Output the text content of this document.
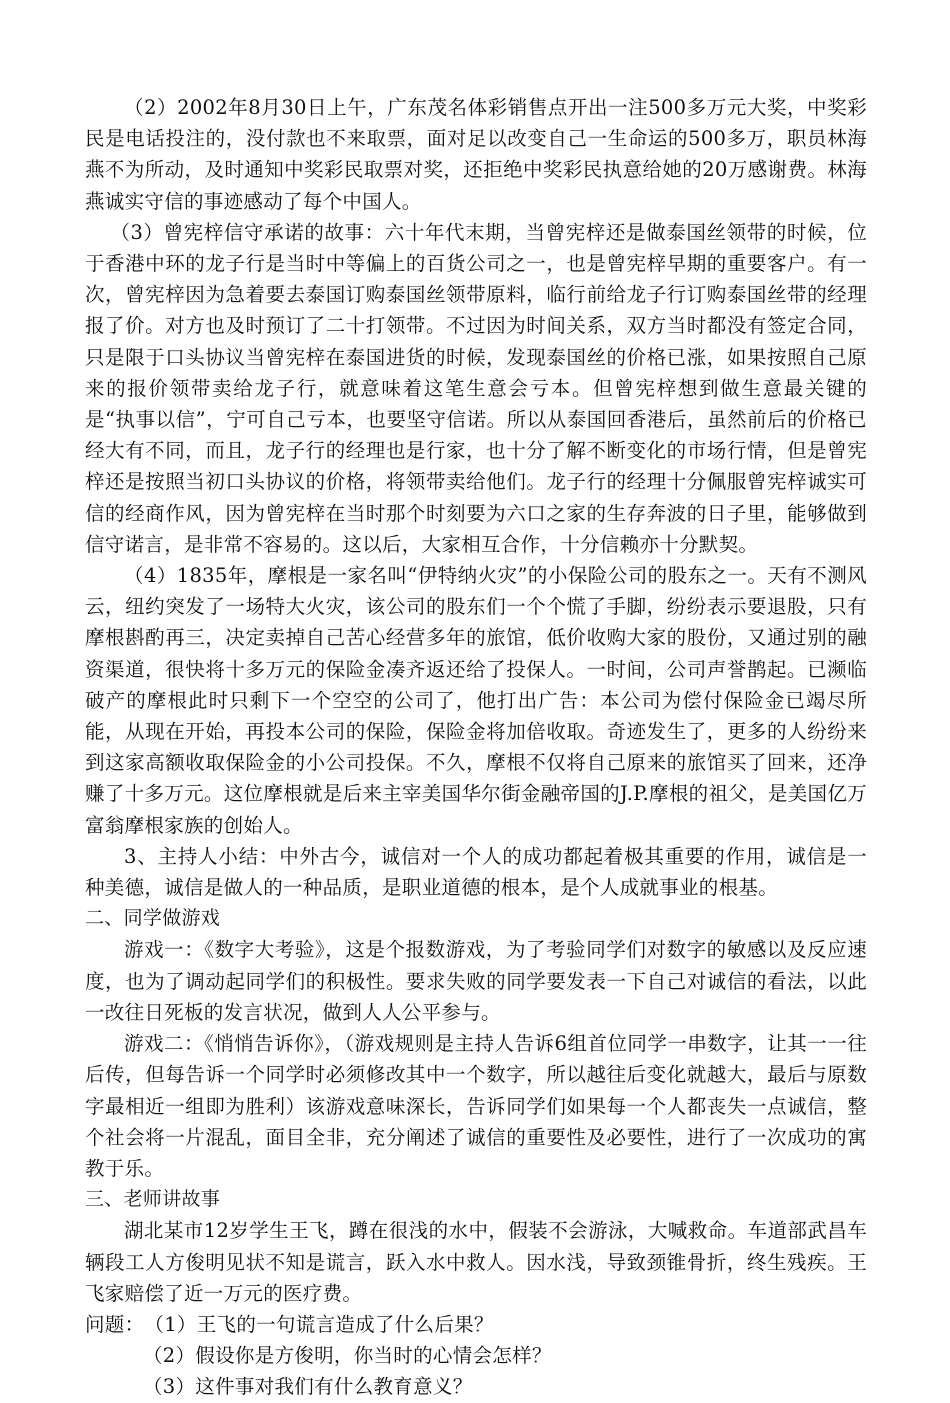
（2）2002年8月30日上午，广东茂名体彩销售点开出一注500多万元大奖，中奖彩民是电话投注的，没付款也不来取票，面对足以改变自己一生命运的500多万，职员林海燕不为所动，及时通知中奖彩民取票对奖，还拒绝中奖彩民执意给她的20万感谢费。林海燕诚实守信的事迹感动了每个中国人。

（3）曾宪梓信守承诺的故事：六十年代末期，当曾宪梓还是做泰国丝领带的时候，位于香港中环的龙子行是当时中等偏上的百货公司之一，也是曾宪梓早期的重要客户。有一次，曾宪梓因为急着要去泰国订购泰国丝领带原料，临行前给龙子行订购泰国丝带的经理报了价。对方也及时预订了二十打领带。不过因为时间关系，双方当时都没有签定合同，只是限于口头协议当曾宪梓在泰国进货的时候，发现泰国丝的价格已涨，如果按照自己原来的报价领带卖给龙子行，就意味着这笔生意会亏本。但曾宪梓想到做生意最关键的是“执事以信”，宁可自己亏本，也要坚守信诺。所以从泰国回香港后，虽然前后的价格已经大有不同，而且，龙子行的经理也是行家，也十分了解不断变化的市场行情，但是曾宪梓还是按照当初口头协议的价格，将领带卖给他们。龙子行的经理十分佩服曾宪梓诚实可信的经商作风，因为曾宪梓在当时那个时刻要为六口之家的生存奔波的日子里，能够做到信守诺言，是非常不容易的。这以后，大家相互合作，十分信赖亦十分默契。

（4）1835年，摩根是一家名叫“伊特纳火灾”的小保险公司的股东之一。天有不测风云，纽约突发了一场特大火灾，该公司的股东们一个个慌了手脚，纷纷表示要退股，只有摩根斟酌再三，决定卖掉自己苦心经营多年的旅馆，低价收购大家的股份，又通过别的融资渠道，很快将十多万元的保险金凑齐返还给了投保人。一时间，公司声誉鹊起。已濒临破产的摩根此时只剩下一个空空的公司了，他打出广告：本公司为偿付保险金已竭尽所能，从现在开始，再投本公司的保险，保险金将加倍收取。奇迹发生了，更多的人纷纷来到这家高额收取保险金的小公司投保。不久，摩根不仅将自己原来的旅馆买了回来，还净赚了十多万元。这位摩根就是后来主宰美国华尔街金融帝国的J.P.摩根的祖父，是美国亿万富翁摩根家族的创始人。

3、主持人小结：中外古今，诚信对一个人的成功都起着极其重要的作用，诚信是一种美德，诚信是做人的一种品质，是职业道德的根本，是个人成就事业的根基。

二、同学做游戏

游戏一：《数字大考验》，这是个报数游戏，为了考验同学们对数字的敏感以及反应速度，也为了调动起同学们的积极性。要求失败的同学要发表一下自己对诚信的看法，以此一改往日死板的发言状况，做到人人公平参与。

游戏二：《悄悄告诉你》，（游戏规则是主持人告诉6组首位同学一串数字，让其一一往后传，但每告诉一个同学时必须修改其中一个数字，所以越往后变化就越大，最后与原数字最相近一组即为胜利）该游戏意味深长，告诉同学们如果每一个人都丧失一点诚信，整个社会将一片混乱，面目全非，充分阐述了诚信的重要性及必要性，进行了一次成功的寓教于乐。

三、老师讲故事

湖北某市12岁学生王飞，蹲在很浅的水中，假装不会游泳，大喊救命。车道部武昌车辆段工人方俊明见状不知是谎言，跃入水中救人。因水浅，导致颈锥骨折，终生残疾。王飞家赔偿了近一万元的医疗费。

问题： （1）王飞的一句谎言造成了什么后果？

（2）假设你是方俊明，你当时的心情会怎样？

（3）这件事对我们有什么教育意义？
